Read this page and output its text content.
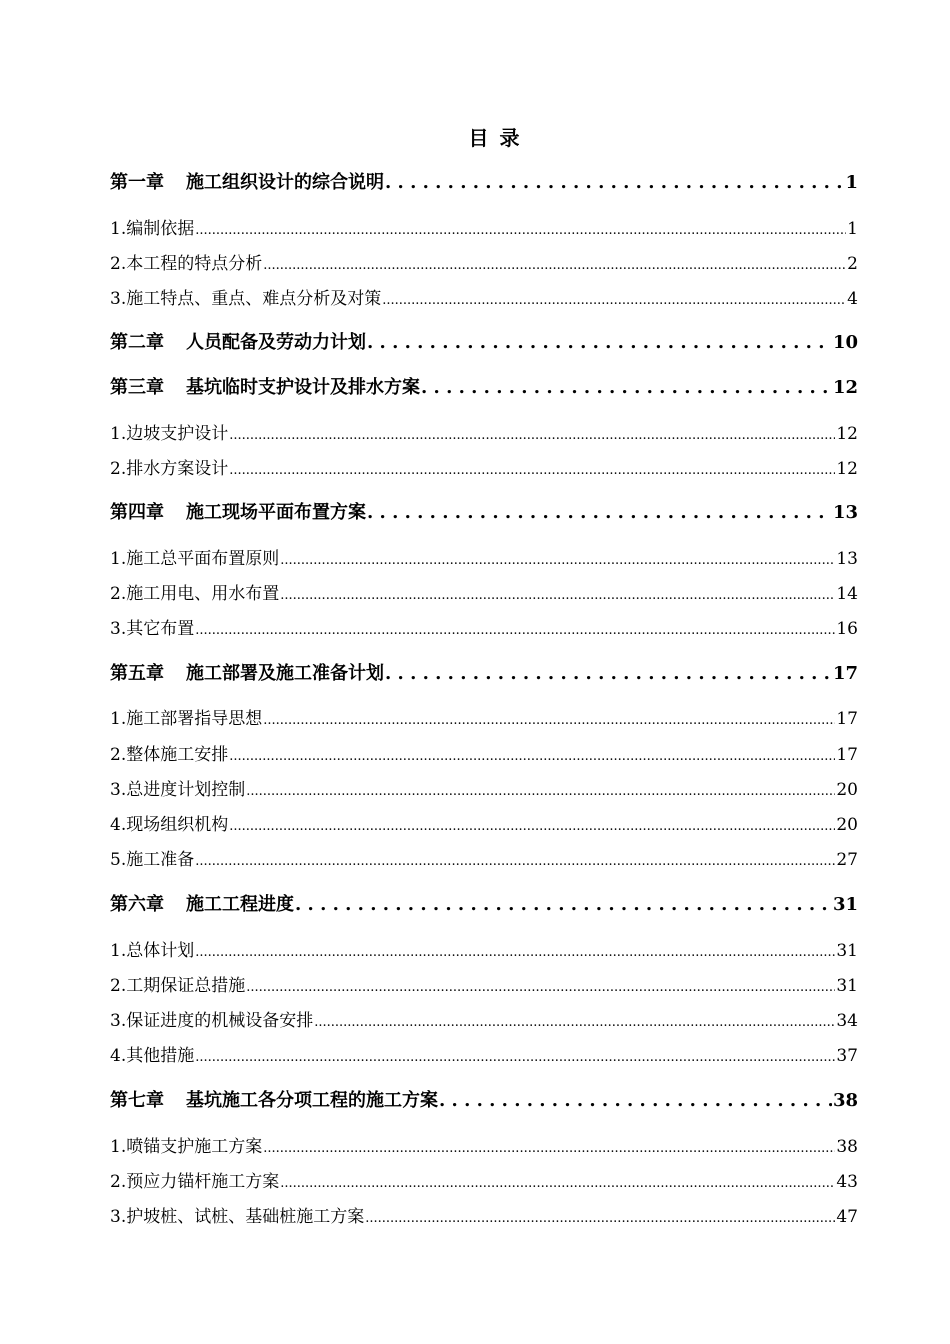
目 录
第一章 施工组织设计的综合说明 . . .	1
1.编制依据 .....	1
2.本工程的特点分析 .....	2
3.施工特点、重点、难点分析及对策 .....	4
第二章 人员配备及劳动力计划 . . .	10
第三章 基坑临时支护设计及排水方案 . . .	12
1.边坡支护设计 .....	12
2.排水方案设计 .....	12
第四章 施工现场平面布置方案 . . .	13
1.施工总平面布置原则 .....	13
2.施工用电、用水布置 .....	14
3.其它布置 .....	16
第五章 施工部署及施工准备计划 . . .	17
1.施工部署指导思想 .....	17
2.整体施工安排 .....	17
3.总进度计划控制 .....	20
4.现场组织机构 .....	20
5.施工准备 .....	27
第六章 施工工程进度 . . .	31
1.总体计划 .....	31
2.工期保证总措施 .....	31
3.保证进度的机械设备安排 .....	34
4.其他措施 .....	37
第七章 基坑施工各分项工程的施工方案 . . .	38
1.喷锚支护施工方案 .....	38
2.预应力锚杆施工方案 .....	43
3.护坡桩、试桩、基础桩施工方案 .....	47
